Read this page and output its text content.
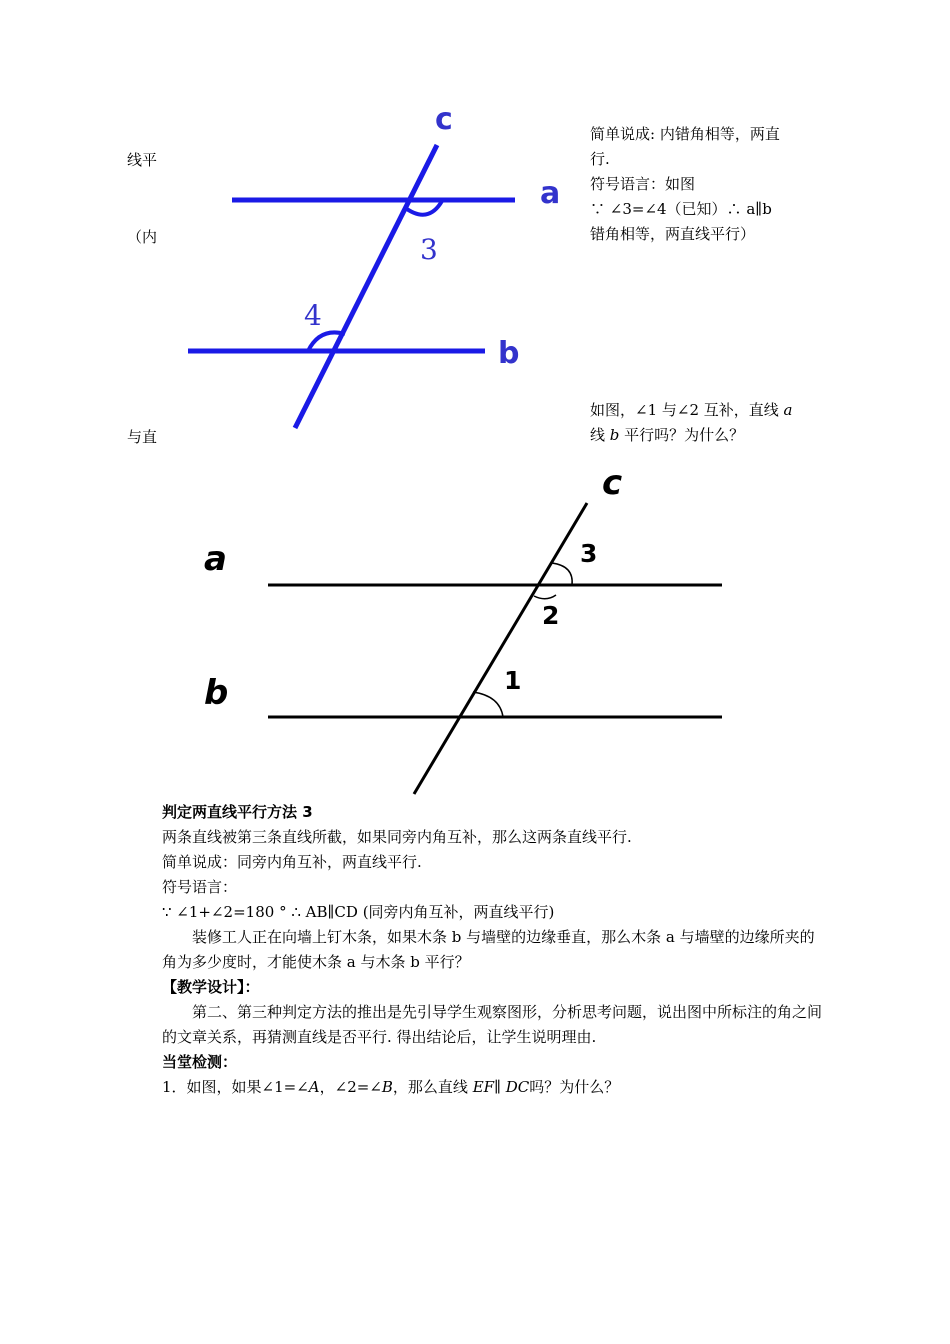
线平
（内
与直
c
a
b
3
4
简单说成: 内错角相等，两直
行.
符号语言：如图
∵ ∠3=∠4（已知）∴ a∥b
错角相等，两直线平行）
如图，∠1 与∠2 互补，直线 a
线 b 平行吗？为什么？
c
a
b
3
2
1

判定两直线平行方法 3

两条直线被第三条直线所截，如果同旁内角互补，那么这两条直线平行.

简单说成：同旁内角互补，两直线平行.

符号语言：

∵ ∠1+∠2=180 ° ∴ AB∥CD (同旁内角互补，两直线平行)

装修工人正在向墙上钉木条，如果木条 b 与墙壁的边缘垂直，那么木条 a 与墙壁的边缘所夹的角为多少度时，才能使木条 a 与木条 b 平行？

【教学设计】：

第二、第三种判定方法的推出是先引导学生观察图形，分析思考问题，说出图中所标注的角之间的文章关系，再猜测直线是否平行. 得出结论后，让学生说明理由.

当堂检测：

1．如图，如果∠1=∠A，∠2=∠B，那么直线 EF∥ DC吗？为什么？
